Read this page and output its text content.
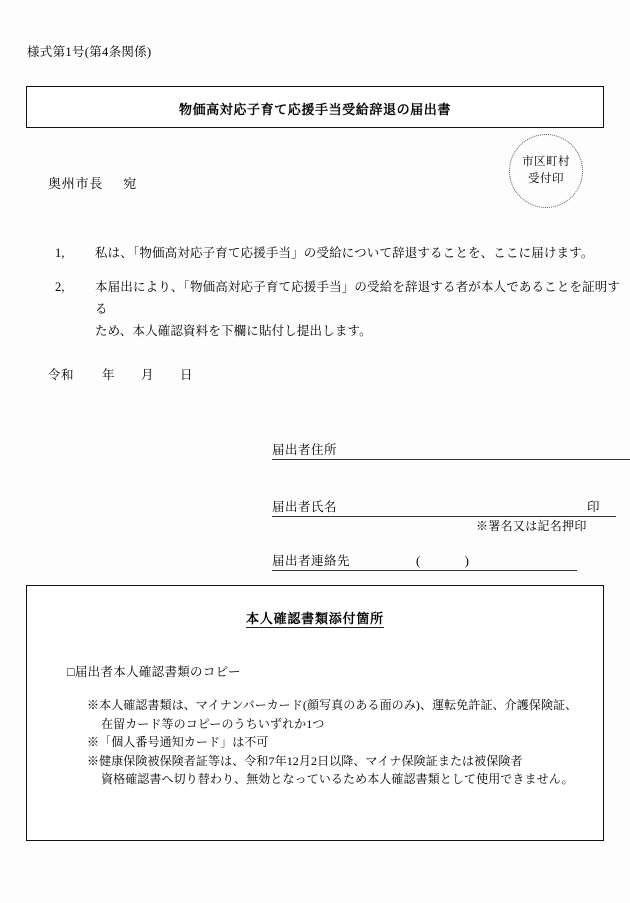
様式第1号(第4条関係)
物価高対応子育て応援手当受給辞退の届出書
市区町村
受付印
奥州市長 宛
1,	私は、「物価高対応子育て応援手当」の受給について辞退することを、ここに届けます。
2,	本届出により、「物価高対応子育て応援手当」の受給を辞退する者が本人であることを証明する
ため、本人確認資料を下欄に貼付し提出します。
令和 年 月 日
届出者住所
届出者氏名	印
※署名又は記名押印
届出者連絡先	(	)
本人確認書類添付箇所
□届出者本人確認書類のコピー
※本人確認書類は、マイナンバーカード(顔写真のある面のみ)、運転免許証、介護保険証、
在留カード等のコピーのうちいずれか1つ
※「個人番号通知カード」は不可
※健康保険被保険者証等は、令和7年12月2日以降、マイナ保険証または被保険者
資格確認書へ切り替わり、無効となっているため本人確認書類として使用できません。
